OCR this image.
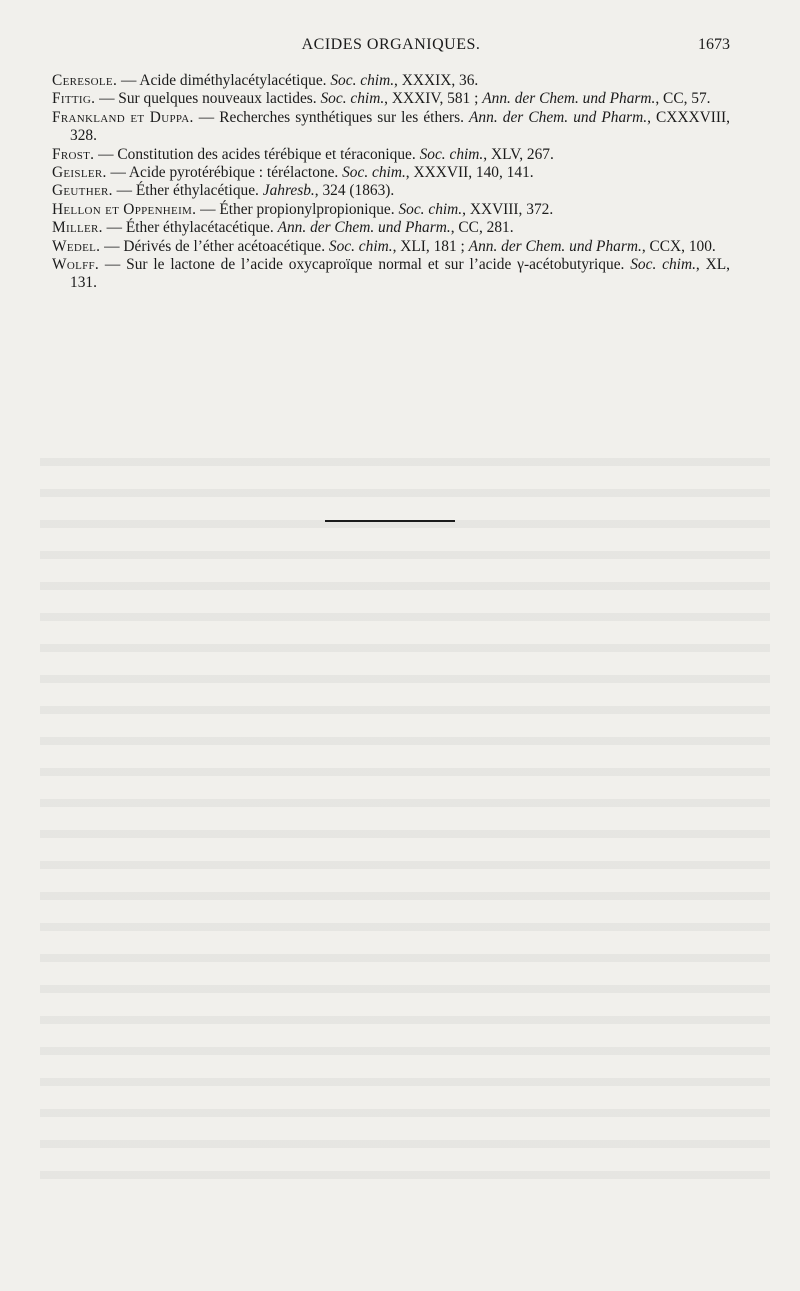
ACIDES ORGANIQUES.	1673

Ceresole. — Acide diméthylacétylacétique. Soc. chim., XXXIX, 36.

Fittig. — Sur quelques nouveaux lactides. Soc. chim., XXXIV, 581 ; Ann. der Chem. und Pharm., CC, 57.

Frankland et Duppa. — Recherches synthétiques sur les éthers. Ann. der Chem. und Pharm., CXXXVIII, 328.

Frost. — Constitution des acides térébique et téraconique. Soc. chim., XLV, 267.

Geisler. — Acide pyrotérébique : térélactone. Soc. chim., XXXVII, 140, 141.

Geuther. — Éther éthylacétique. Jahresb., 324 (1863).

Hellon et Oppenheim. — Éther propionylpropionique. Soc. chim., XXVIII, 372.

Miller. — Éther éthylacétacétique. Ann. der Chem. und Pharm., CC, 281.

Wedel. — Dérivés de l’éther acétoacétique. Soc. chim., XLI, 181 ; Ann. der Chem. und Pharm., CCX, 100.

Wolff. — Sur le lactone de l’acide oxycaproïque normal et sur l’acide γ-acétobutyrique. Soc. chim., XL, 131.
